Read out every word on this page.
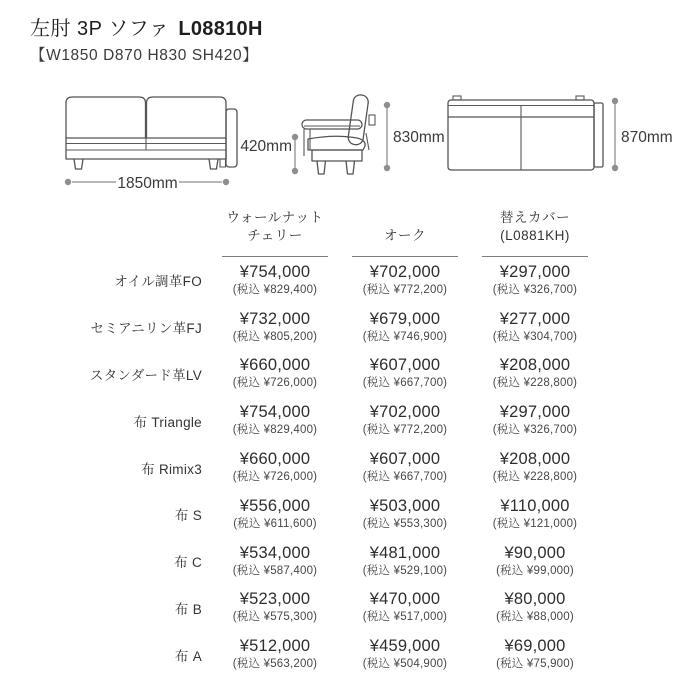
左肘 3P ソファ L08810H
【W1850 D870 H830 SH420】
1850mm
420mm
830mm	870mm
ウォールナット
チェリー	オーク
替えカバー
(L0881KH)
オイル調革FO
¥754,000
(税込 ¥829,400)
¥702,000
(税込 ¥772,200)
¥297,000
(税込 ¥326,700)
セミアニリン革FJ
¥732,000
(税込 ¥805,200)
¥679,000
(税込 ¥746,900)
¥277,000
(税込 ¥304,700)
スタンダード革LV
¥660,000
(税込 ¥726,000)
¥607,000
(税込 ¥667,700)
¥208,000
(税込 ¥228,800)
布 Triangle
¥754,000
(税込 ¥829,400)
¥702,000
(税込 ¥772,200)
¥297,000
(税込 ¥326,700)
布 Rimix3
¥660,000
(税込 ¥726,000)
¥607,000
(税込 ¥667,700)
¥208,000
(税込 ¥228,800)
布 S
¥556,000
(税込 ¥611,600)
¥503,000
(税込 ¥553,300)
¥110,000
(税込 ¥121,000)
布 C
¥534,000
(税込 ¥587,400)
¥481,000
(税込 ¥529,100)
¥90,000
(税込 ¥99,000)
布 B
¥523,000
(税込 ¥575,300)
¥470,000
(税込 ¥517,000)
¥80,000
(税込 ¥88,000)
布 A
¥512,000
(税込 ¥563,200)
¥459,000
(税込 ¥504,900)
¥69,000
(税込 ¥75,900)
